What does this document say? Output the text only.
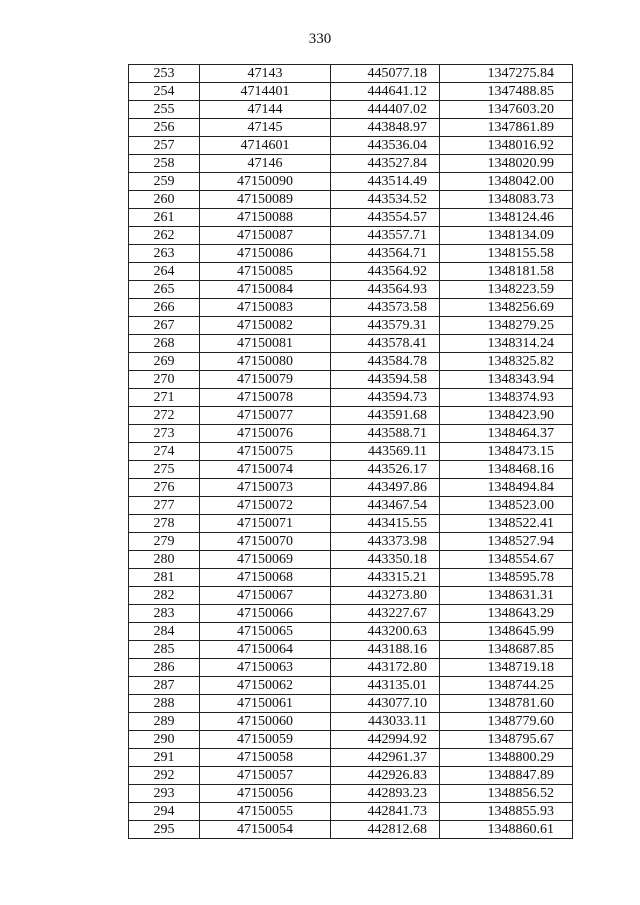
330
253	47143	445077.18	1347275.84
254	4714401	444641.12	1347488.85
255	47144	444407.02	1347603.20
256	47145	443848.97	1347861.89
257	4714601	443536.04	1348016.92
258	47146	443527.84	1348020.99
259	47150090	443514.49	1348042.00
260	47150089	443534.52	1348083.73
261	47150088	443554.57	1348124.46
262	47150087	443557.71	1348134.09
263	47150086	443564.71	1348155.58
264	47150085	443564.92	1348181.58
265	47150084	443564.93	1348223.59
266	47150083	443573.58	1348256.69
267	47150082	443579.31	1348279.25
268	47150081	443578.41	1348314.24
269	47150080	443584.78	1348325.82
270	47150079	443594.58	1348343.94
271	47150078	443594.73	1348374.93
272	47150077	443591.68	1348423.90
273	47150076	443588.71	1348464.37
274	47150075	443569.11	1348473.15
275	47150074	443526.17	1348468.16
276	47150073	443497.86	1348494.84
277	47150072	443467.54	1348523.00
278	47150071	443415.55	1348522.41
279	47150070	443373.98	1348527.94
280	47150069	443350.18	1348554.67
281	47150068	443315.21	1348595.78
282	47150067	443273.80	1348631.31
283	47150066	443227.67	1348643.29
284	47150065	443200.63	1348645.99
285	47150064	443188.16	1348687.85
286	47150063	443172.80	1348719.18
287	47150062	443135.01	1348744.25
288	47150061	443077.10	1348781.60
289	47150060	443033.11	1348779.60
290	47150059	442994.92	1348795.67
291	47150058	442961.37	1348800.29
292	47150057	442926.83	1348847.89
293	47150056	442893.23	1348856.52
294	47150055	442841.73	1348855.93
295	47150054	442812.68	1348860.61
